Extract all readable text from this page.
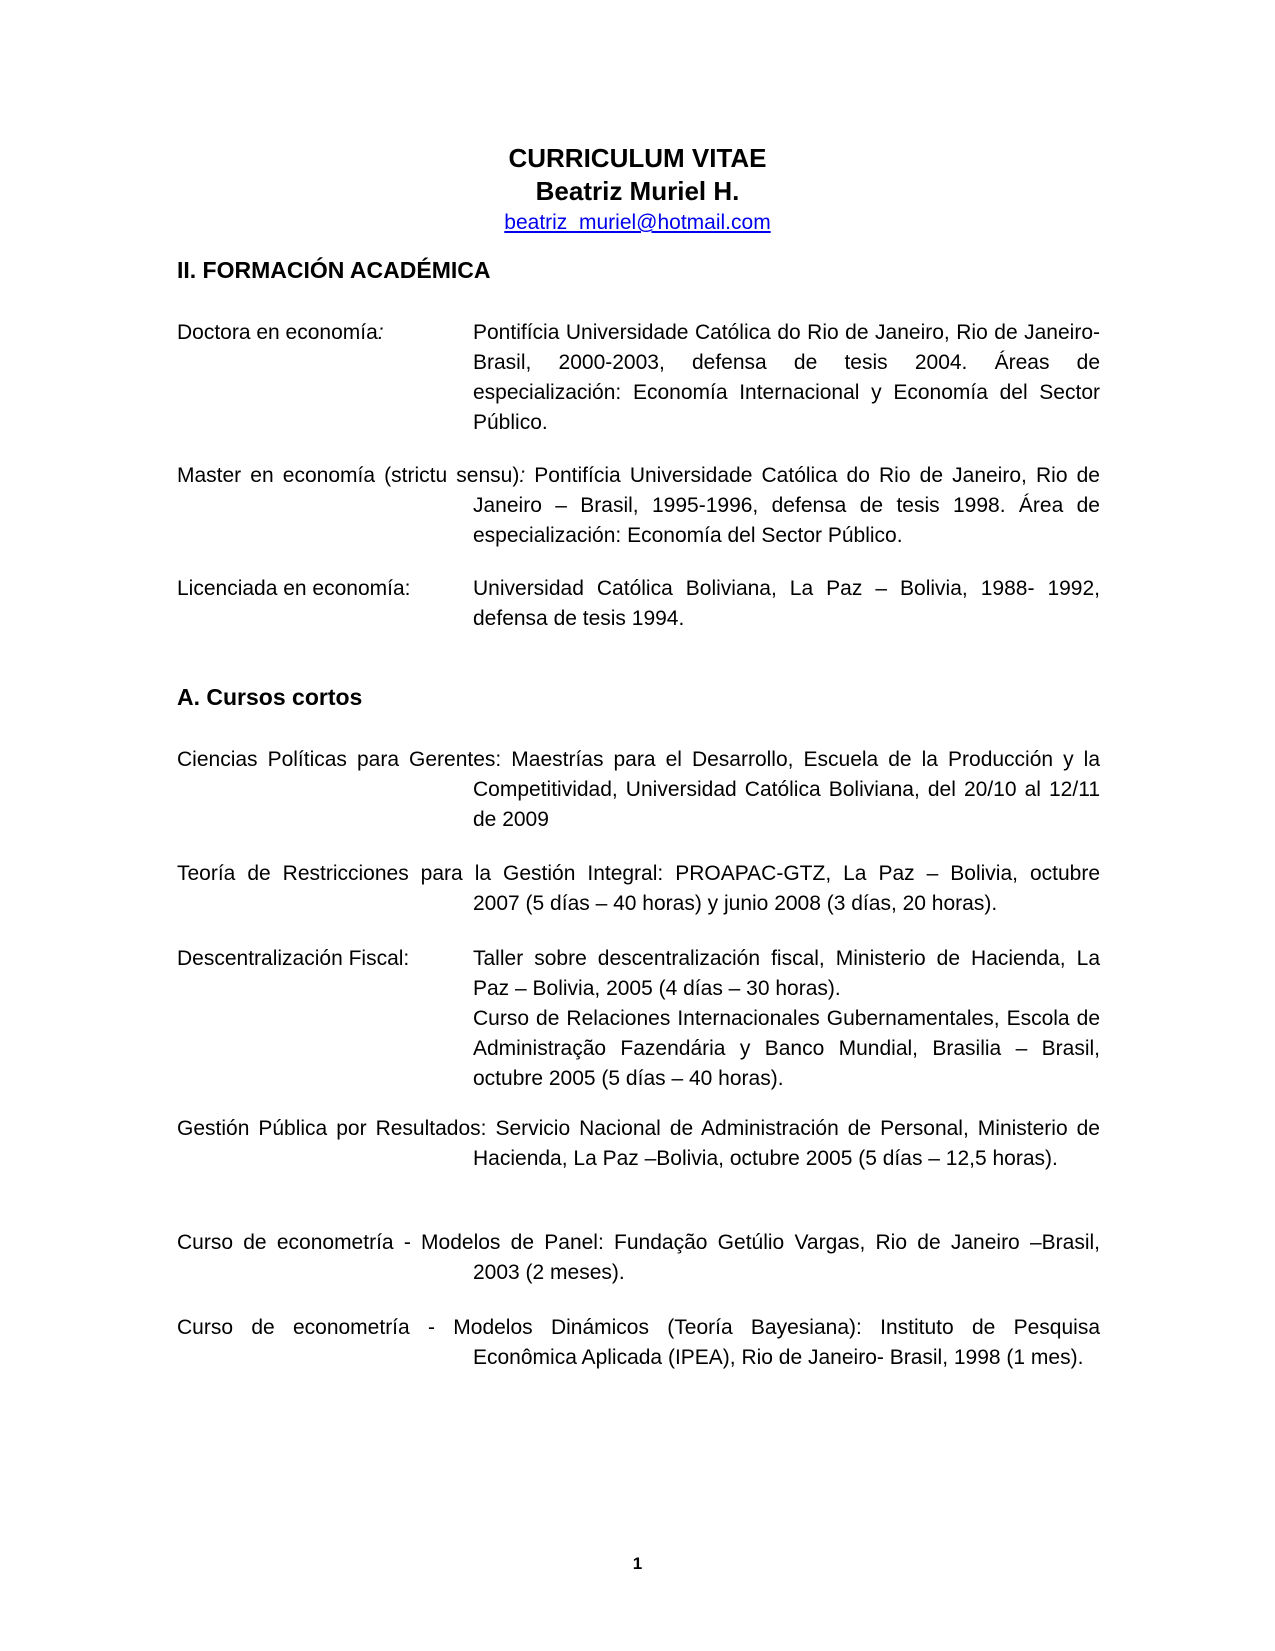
CURRICULUM VITAE
Beatriz Muriel H.
beatriz_muriel@hotmail.com
II. FORMACIÓN ACADÉMICA
Doctora en economía:	Pontifícia Universidade Católica do Rio de Janeiro, Rio de Janeiro-Brasil, 2000-2003, defensa de tesis 2004. Áreas de especialización: Economía Internacional y Economía del Sector Público.
Master en economía (strictu sensu): Pontifícia Universidade Católica do Rio de Janeiro, Rio de
Janeiro – Brasil, 1995-1996, defensa de tesis 1998. Área de especialización: Economía del Sector Público.
Licenciada en economía:	Universidad Católica Boliviana, La Paz – Bolivia, 1988- 1992, defensa de tesis 1994.
A. Cursos cortos
Ciencias Políticas para Gerentes: Maestrías para el Desarrollo, Escuela de la Producción y la
Competitividad, Universidad Católica Boliviana, del 20/10 al 12/11 de 2009
Teoría de Restricciones para la Gestión Integral: PROAPAC-GTZ, La Paz – Bolivia, octubre
2007 (5 días – 40 horas) y junio 2008 (3 días, 20 horas).
Descentralización Fiscal:	Taller sobre descentralización fiscal, Ministerio de Hacienda, La Paz – Bolivia, 2005 (4 días – 30 horas).
Curso de Relaciones Internacionales Gubernamentales, Escola de Administração Fazendária y Banco Mundial, Brasilia – Brasil, octubre 2005 (5 días – 40 horas).
Gestión Pública por Resultados: Servicio Nacional de Administración de Personal, Ministerio de
Hacienda, La Paz –Bolivia, octubre 2005 (5 días – 12,5 horas).
Curso de econometría - Modelos de Panel: Fundação Getúlio Vargas, Rio de Janeiro –Brasil,
2003 (2 meses).
Curso de econometría - Modelos Dinámicos (Teoría Bayesiana): Instituto de Pesquisa
Econômica Aplicada (IPEA), Rio de Janeiro- Brasil, 1998 (1 mes).
1
